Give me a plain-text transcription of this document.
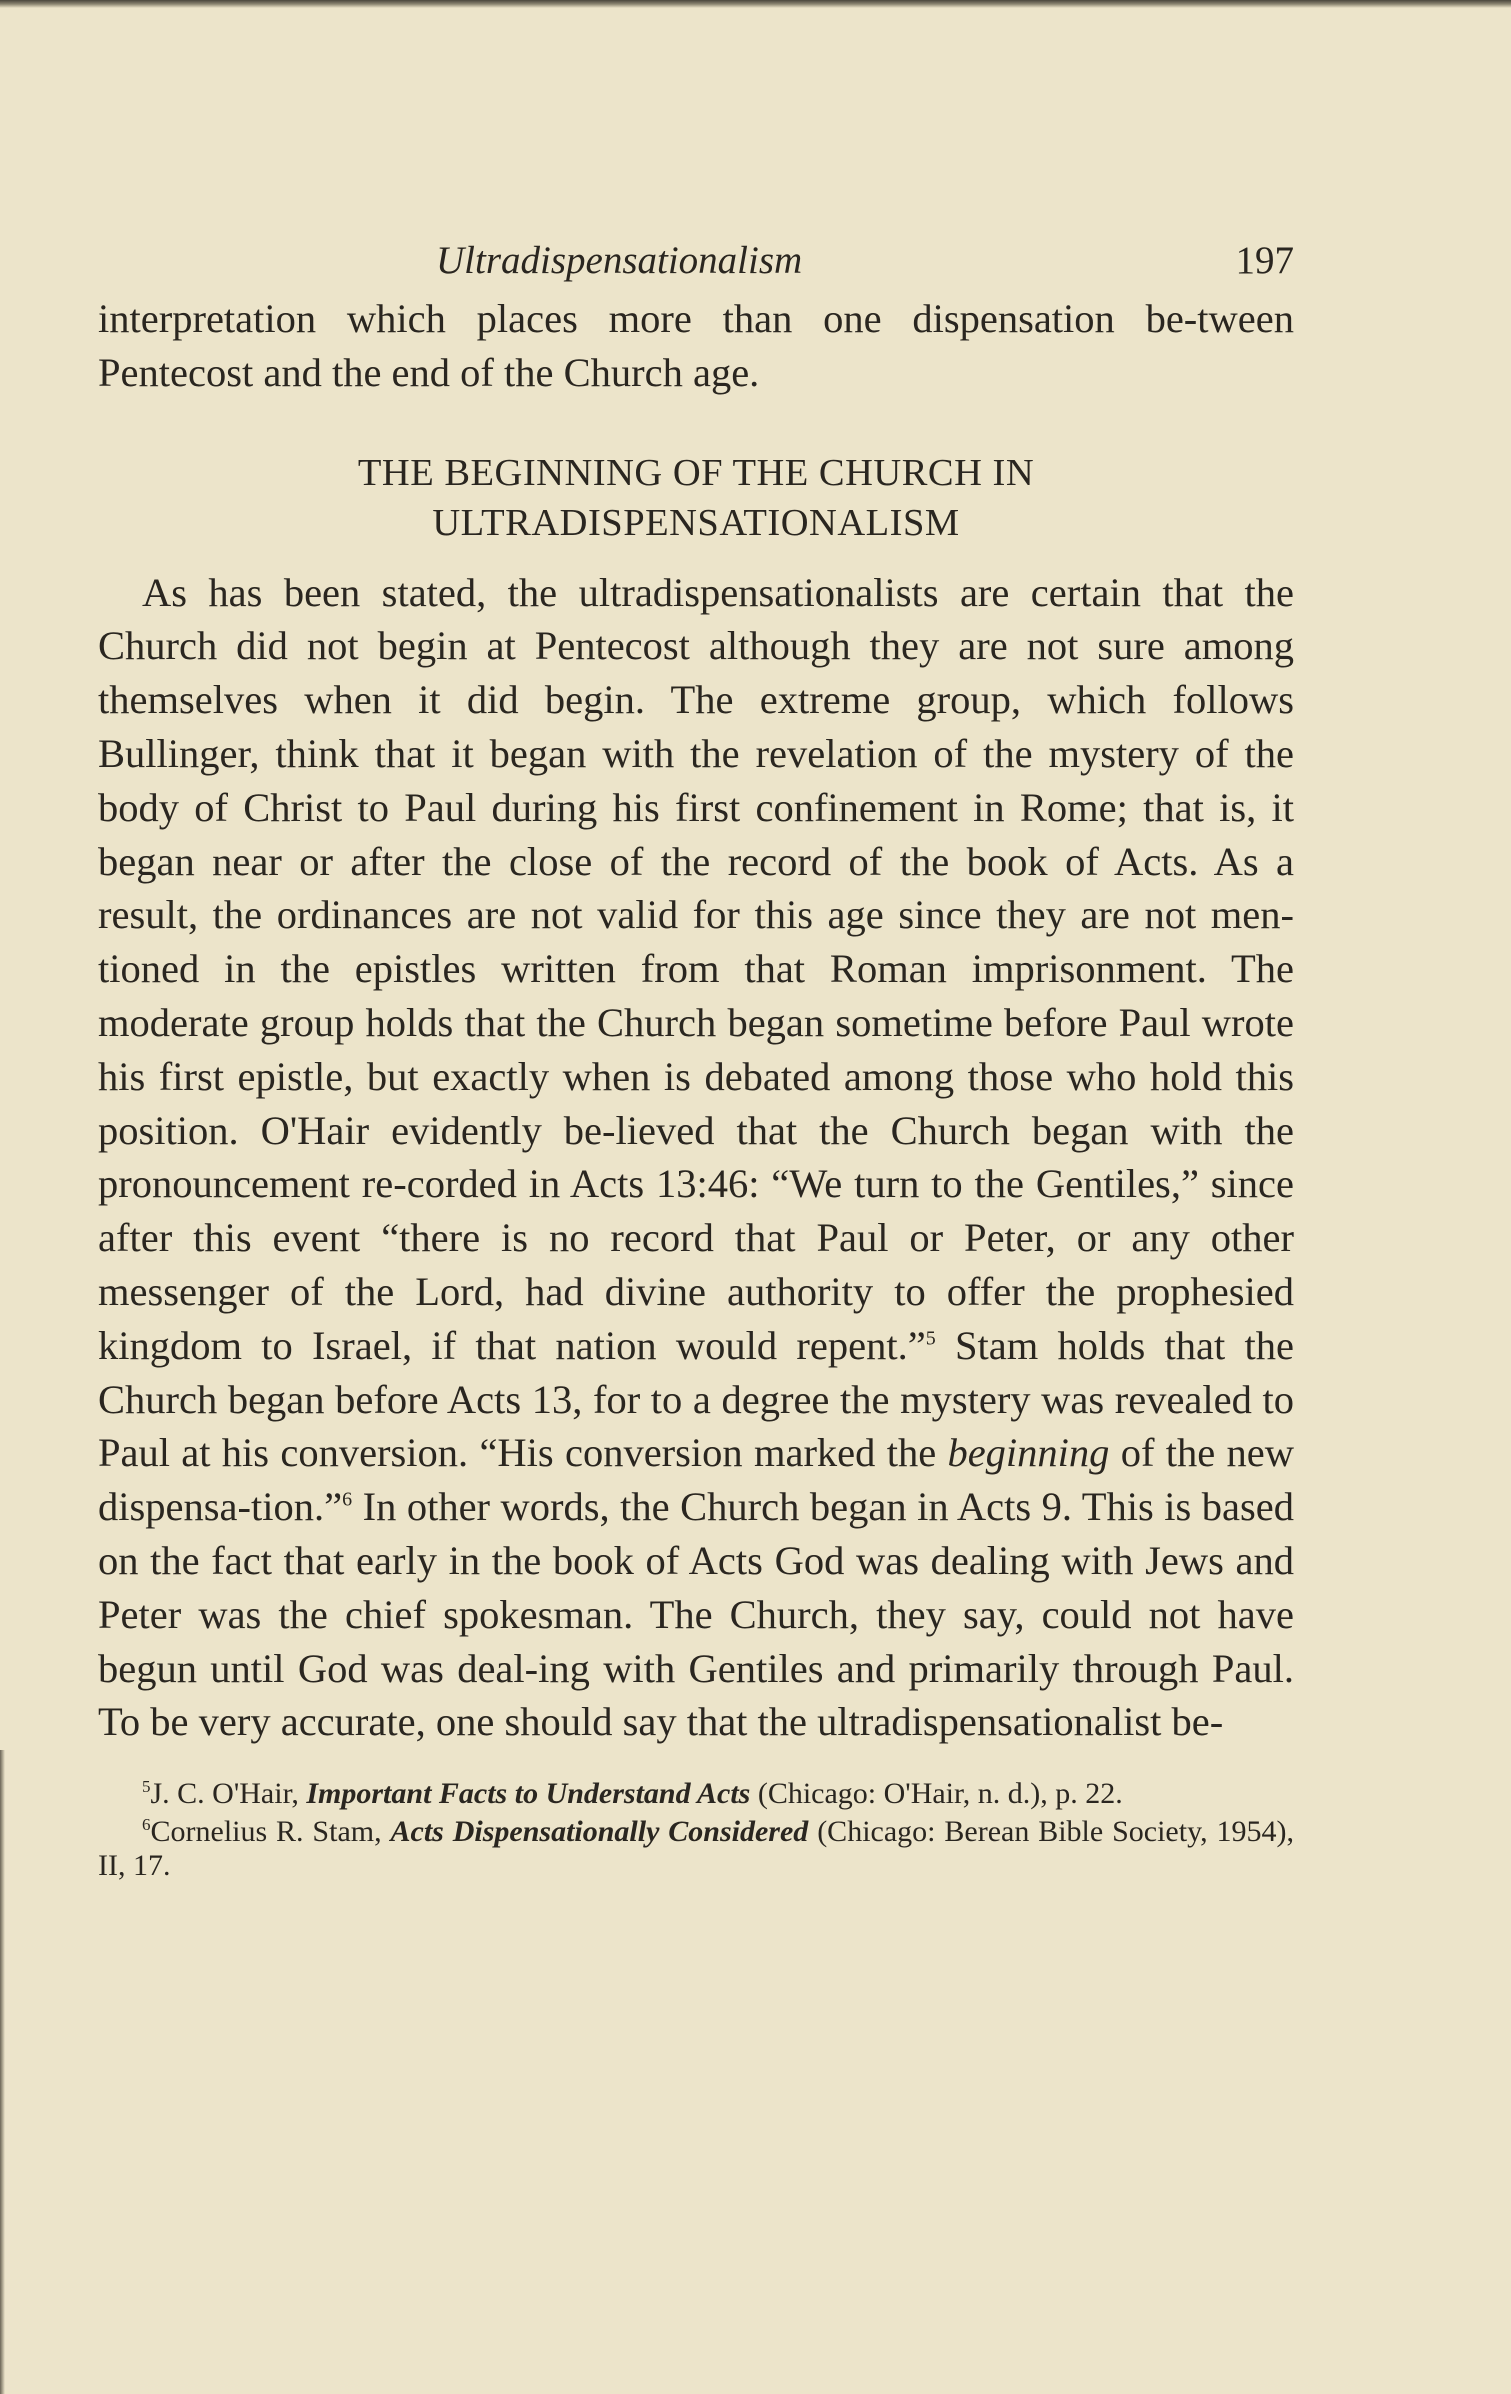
Ultradispensationalism	197

interpretation which places more than one dispensation be-tween Pentecost and the end of the Church age.

THE BEGINNING OF THE CHURCH IN
ULTRADISPENSATIONALISM

As has been stated, the ultradispensationalists are certain that the Church did not begin at Pentecost although they are not sure among themselves when it did begin. The extreme group, which follows Bullinger, think that it began with the revelation of the mystery of the body of Christ to Paul during his first confinement in Rome; that is, it began near or after the close of the record of the book of Acts. As a result, the ordinances are not valid for this age since they are not men-tioned in the epistles written from that Roman imprisonment. The moderate group holds that the Church began sometime before Paul wrote his first epistle, but exactly when is debated among those who hold this position. O'Hair evidently be-lieved that the Church began with the pronouncement re-corded in Acts 13:46: “We turn to the Gentiles,” since after this event “there is no record that Paul or Peter, or any other messenger of the Lord, had divine authority to offer the prophesied kingdom to Israel, if that nation would repent.”$^5$ Stam holds that the Church began before Acts 13, for to a degree the mystery was revealed to Paul at his conversion. “His conversion marked the beginning of the new dispensa-tion.”$^6$ In other words, the Church began in Acts 9. This is based on the fact that early in the book of Acts God was dealing with Jews and Peter was the chief spokesman. The Church, they say, could not have begun until God was deal-ing with Gentiles and primarily through Paul. To be very accurate, one should say that the ultradispensationalist be-

$^5$J. C. O'Hair, Important Facts to Understand Acts (Chicago: O'Hair, n. d.), p. 22.

$^6$Cornelius R. Stam, Acts Dispensationally Considered (Chicago: Berean Bible Society, 1954), II, 17.
